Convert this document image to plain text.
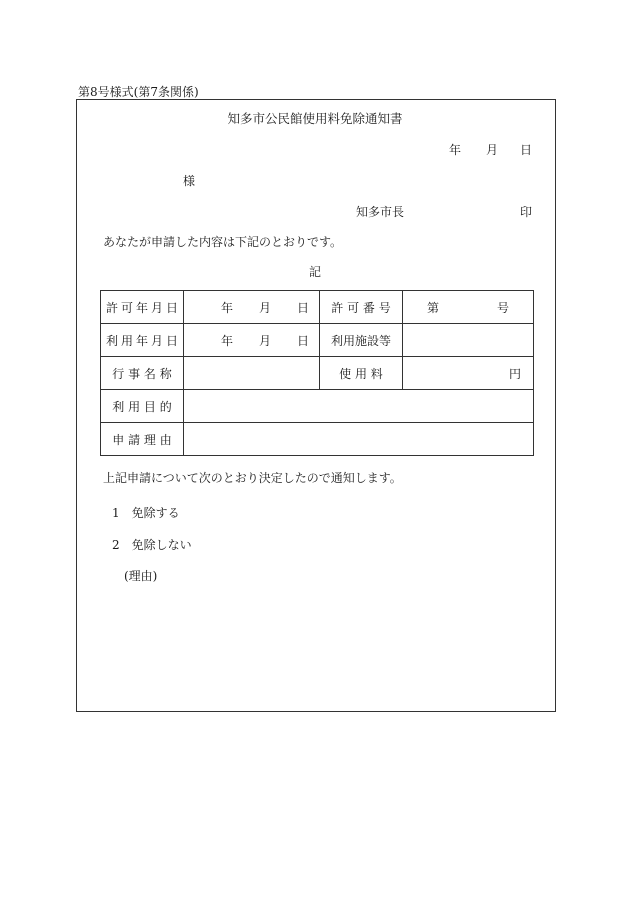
第8号様式(第7条関係)
知多市公民館使用料免除通知書
年 月 日
様
知多市長	印
あなたが申請した内容は下記のとおりです。
記
許可年月日	年 月 日	許 可 番 号	第 号

利用年月日	年 月 日	利用施設等	
行 事 名 称		使 用 料	円
利 用 目 的			
申 請 理 由			
上記申請について次のとおり決定したので通知します。
1　 免除する
2　 免除しない
(理由)
